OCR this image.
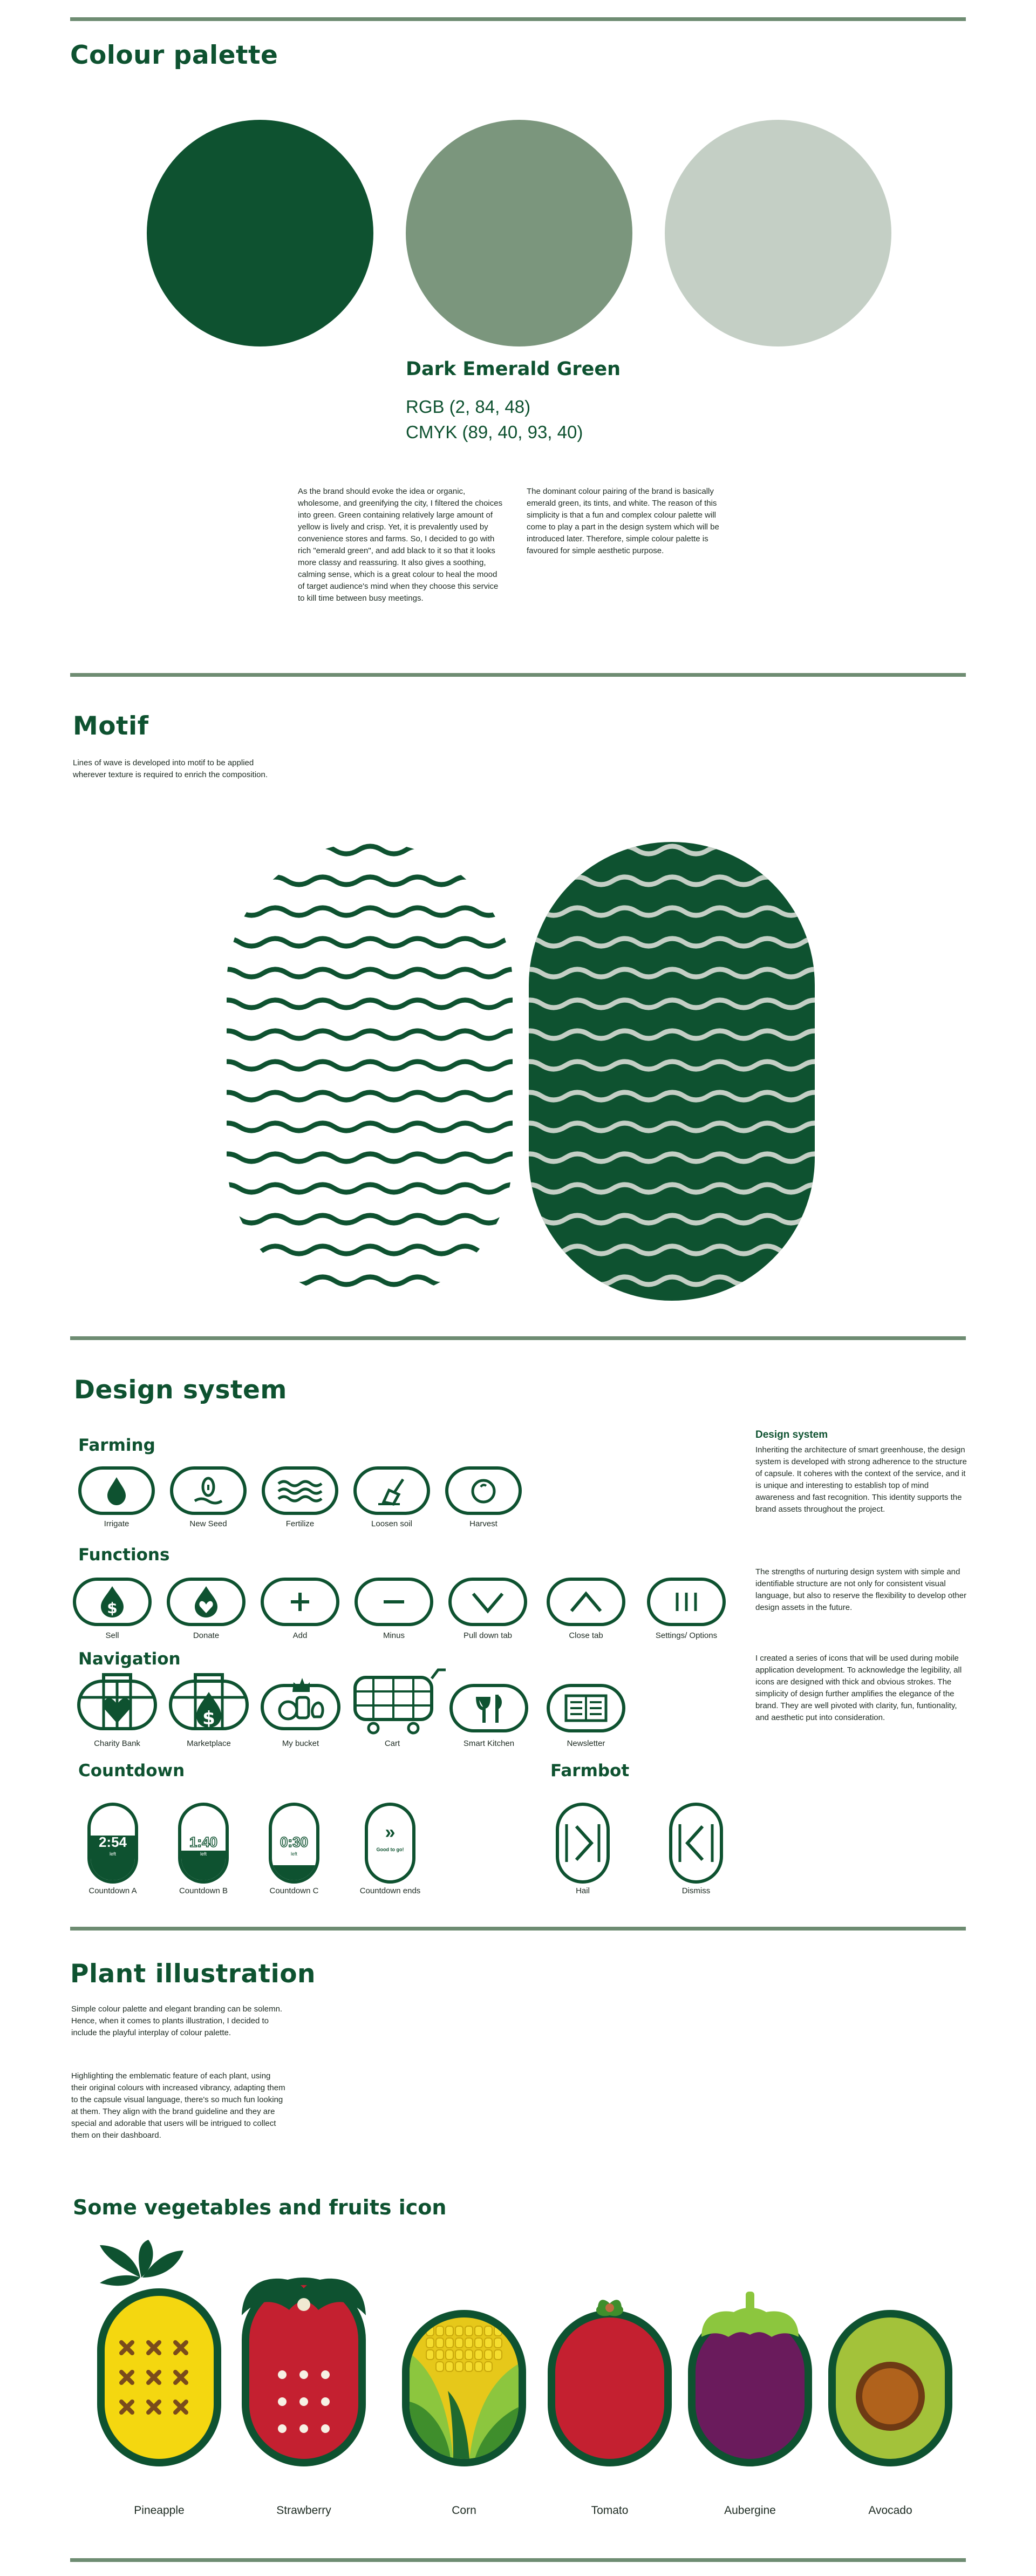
Colour palette
Dark Emerald Green
RGB (2, 84, 48)
CMYK (89, 40, 93, 40)
As the brand should evoke the idea or organic, wholesome, and greenifying the city, I filtered the choices into green. Green containing relatively large amount of yellow is lively and crisp. Yet, it is prevalently used by convenience stores and farms. So, I decided to go with rich "emerald green", and add black to it so that it looks more classy and reassuring. It also gives a soothing, calming sense, which is a great colour to heal the mood of target audience's mind when they choose this service to kill time between busy meetings.
The dominant colour pairing of the brand is basically emerald green, its tints, and white. The reason of this simplicity is that a fun and complex colour palette will come to play a part in the design system which will be introduced later. Therefore, simple colour palette is favoured for simple aesthetic purpose.
Motif
Lines of wave is developed into motif to be applied wherever texture is required to enrich the composition.
Design system
Farming
Functions
Navigation
Countdown	Farmbot
Irrigate	New Seed	Fertilize	Loosen soil	Harvest
$
Sell	Donate	Add	Minus	Pull down tab	Close tab	Settings/ Options
Charity Bank
$
Marketplace	My bucket	Cart	Smart Kitchen	Newsletter
2:54
left
Countdown A
1:40
left
Countdown B
0:30
left
Countdown C
»
Good to go!
Countdown ends	Hail	Dismiss
Design system
Inheriting the architecture of smart greenhouse, the design system is developed with strong adherence to the structure of capsule. It coheres with the context of the service, and it is unique and interesting to establish top of mind awareness and fast recognition. This identity supports the brand assets throughout the project.
The strengths of nurturing design system with simple and identifiable structure are not only for consistent visual language, but also to reserve the flexibility to develop other design assets in the future.
I created a series of icons that will be used during mobile application development. To acknowledge the legibility, all icons are designed with thick and obvious strokes. The simplicity of design further amplifies the elegance of the brand. They are well pivoted with clarity, fun, funtionality, and aesthetic put into consideration.
Plant illustration
Simple colour palette and elegant branding can be solemn. Hence, when it comes to plants illustration, I decided to include the playful interplay of colour palette.
Highlighting the emblematic feature of each plant, using their original colours with increased vibrancy, adapting them to the capsule visual language, there's so much fun looking at them. They align with the brand guideline and they are special and adorable that users will be intrigued to collect them on their dashboard.
Some vegetables and fruits icon
Pineapple	Strawberry	Corn	Tomato	Aubergine	Avocado
